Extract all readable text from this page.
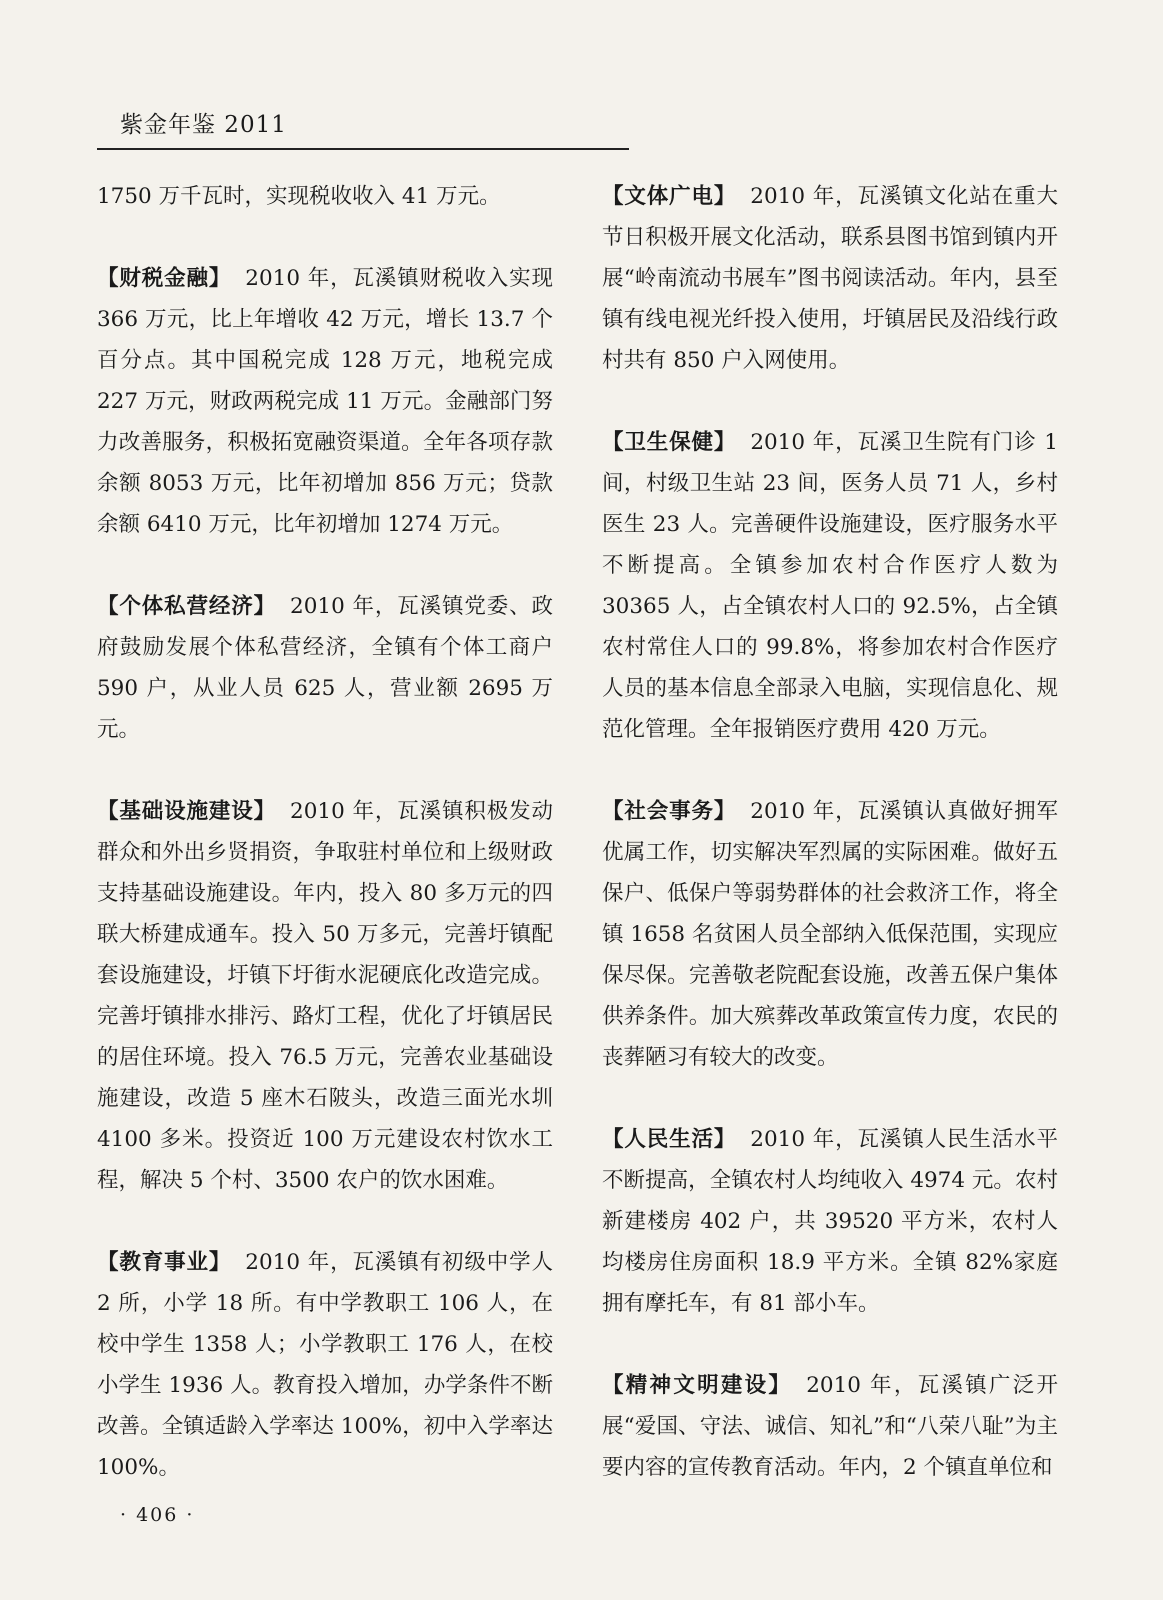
紫金年鉴 2011

1750 万千瓦时，实现税收收入 41 万元。

【财税金融】 2010 年，瓦溪镇财税收入实现 366 万元，比上年增收 42 万元，增长 13.7 个百分点。其中国税完成 128 万元，地税完成 227 万元，财政两税完成 11 万元。金融部门努力改善服务，积极拓宽融资渠道。全年各项存款余额 8053 万元，比年初增加 856 万元；贷款余额 6410 万元，比年初增加 1274 万元。

【个体私营经济】 2010 年，瓦溪镇党委、政府鼓励发展个体私营经济，全镇有个体工商户 590 户，从业人员 625 人，营业额 2695 万元。

【基础设施建设】 2010 年，瓦溪镇积极发动群众和外出乡贤捐资，争取驻村单位和上级财政支持基础设施建设。年内，投入 80 多万元的四联大桥建成通车。投入 50 万多元，完善圩镇配套设施建设，圩镇下圩街水泥硬底化改造完成。完善圩镇排水排污、路灯工程，优化了圩镇居民的居住环境。投入 76.5 万元，完善农业基础设施建设，改造 5 座木石陂头，改造三面光水圳 4100 多米。投资近 100 万元建设农村饮水工程，解决 5 个村、3500 农户的饮水困难。

【教育事业】 2010 年，瓦溪镇有初级中学人 2 所，小学 18 所。有中学教职工 106 人，在校中学生 1358 人；小学教职工 176 人，在校小学生 1936 人。教育投入增加，办学条件不断改善。全镇适龄入学率达 100%，初中入学率达 100%。

【文体广电】 2010 年，瓦溪镇文化站在重大节日积极开展文化活动，联系县图书馆到镇内开展“岭南流动书展车”图书阅读活动。年内，县至镇有线电视光纤投入使用，圩镇居民及沿线行政村共有 850 户入网使用。

【卫生保健】 2010 年，瓦溪卫生院有门诊 1 间，村级卫生站 23 间，医务人员 71 人，乡村医生 23 人。完善硬件设施建设，医疗服务水平不断提高。全镇参加农村合作医疗人数为 30365 人，占全镇农村人口的 92.5%，占全镇农村常住人口的 99.8%，将参加农村合作医疗人员的基本信息全部录入电脑，实现信息化、规范化管理。全年报销医疗费用 420 万元。

【社会事务】 2010 年，瓦溪镇认真做好拥军优属工作，切实解决军烈属的实际困难。做好五保户、低保户等弱势群体的社会救济工作，将全镇 1658 名贫困人员全部纳入低保范围，实现应保尽保。完善敬老院配套设施，改善五保户集体供养条件。加大殡葬改革政策宣传力度，农民的丧葬陋习有较大的改变。

【人民生活】 2010 年，瓦溪镇人民生活水平不断提高，全镇农村人均纯收入 4974 元。农村新建楼房 402 户，共 39520 平方米，农村人均楼房住房面积 18.9 平方米。全镇 82%家庭拥有摩托车，有 81 部小车。

【精神文明建设】 2010 年，瓦溪镇广泛开展“爱国、守法、诚信、知礼”和“八荣八耻”为主要内容的宣传教育活动。年内，2 个镇直单位和

· 406 ·
